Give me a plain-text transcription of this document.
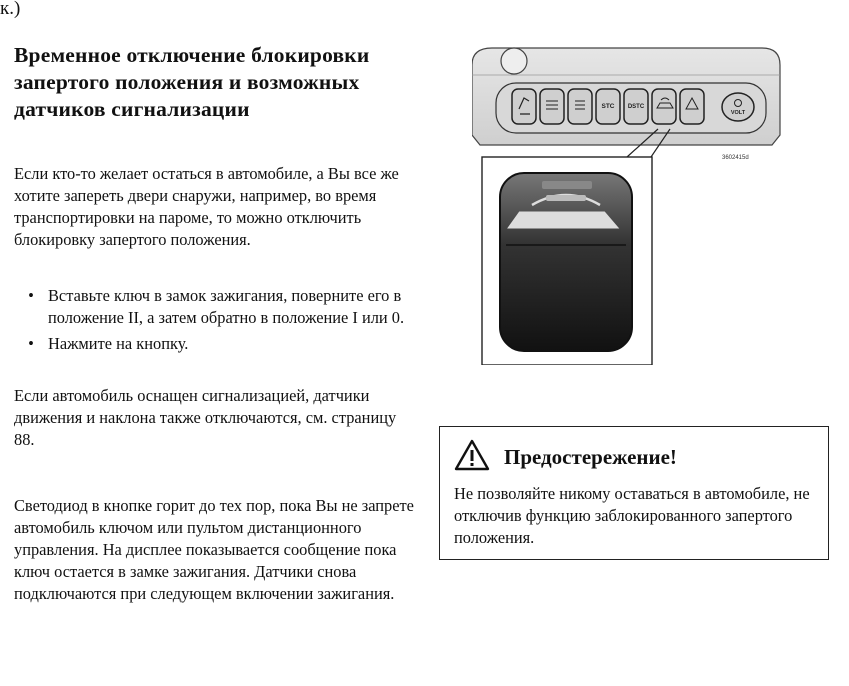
к.)
Временное отключение блокировки запертого положения и возможных датчиков сигнализации

Если кто-то желает остаться в автомобиле, а Вы все же хотите запереть двери снаружи, например, во время транспортировки на пароме, то можно отключить блокировку запертого положения.

• Вставьте ключ в замок зажигания, поверните его в положение II, а затем обратно в положение I или 0.
• Нажмите на кнопку.

Если автомобиль оснащен сигнализацией, датчики движения и наклона также отключаются, см. страницу 88.

Светодиод в кнопке горит до тех пор, пока Вы не запрете автомобиль ключом или пультом дистанционного управления. На дисплее показывается сообщение пока ключ остается в замке зажигания. Датчики снова подключаются при следующем включении зажигания.

STC DSTC
VOLT
3602415d
Предостережение!

Не позволяйте никому оставаться в автомобиле, не отключив функцию заблокированного запертого положения.
